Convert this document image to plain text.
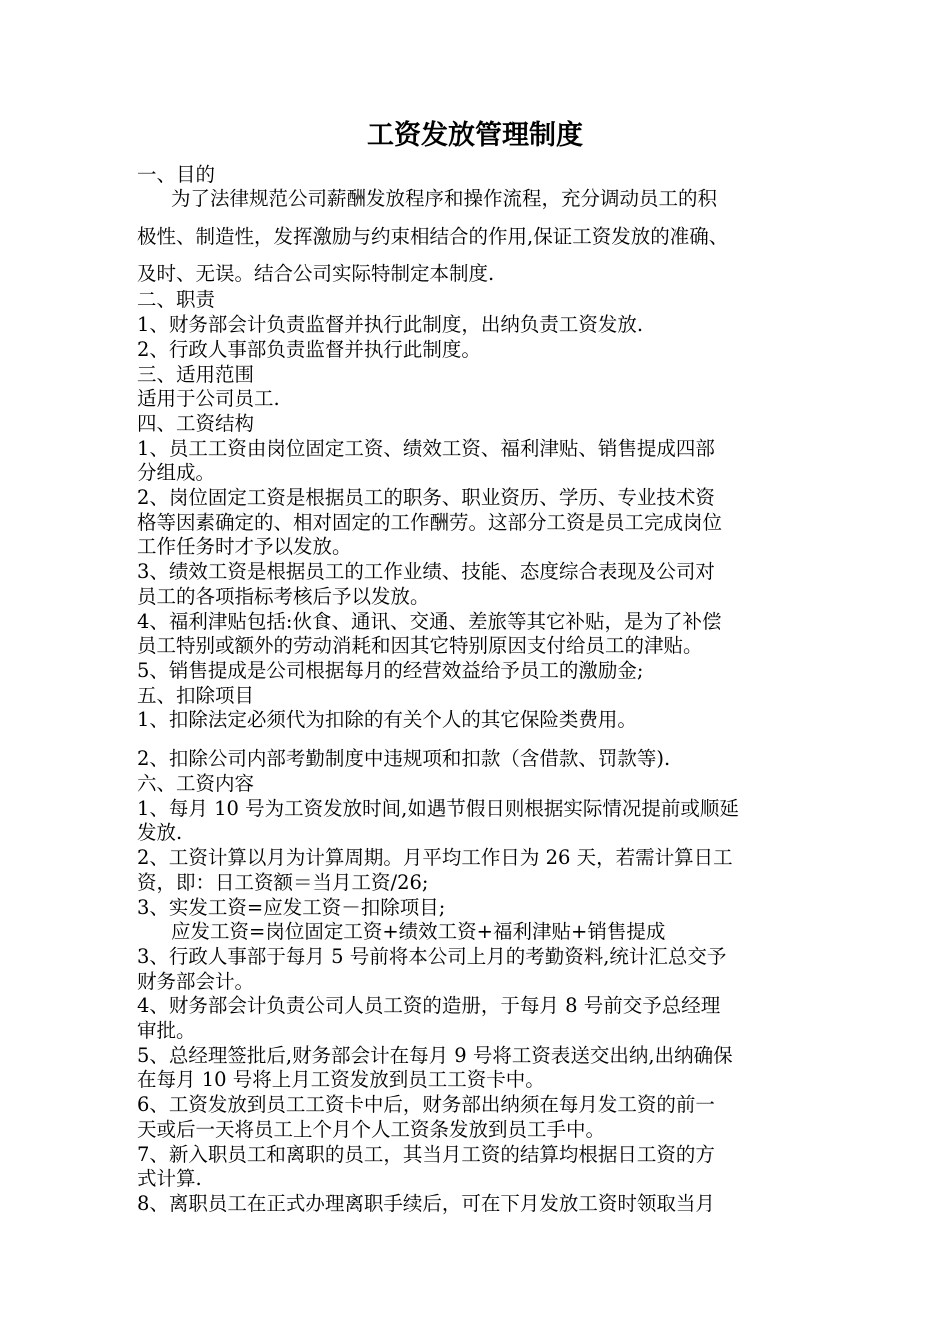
工资发放管理制度
一、目的
为了法律规范公司薪酬发放程序和操作流程，充分调动员工的积
极性、制造性，发挥激励与约束相结合的作用,保证工资发放的准确、
及时、无误。结合公司实际特制定本制度.
二、职责
1、财务部会计负责监督并执行此制度，出纳负责工资发放.
2、行政人事部负责监督并执行此制度。
三、适用范围
适用于公司员工.
四、工资结构
1、员工工资由岗位固定工资、绩效工资、福利津贴、销售提成四部
分组成。
2、岗位固定工资是根据员工的职务、职业资历、学历、专业技术资
格等因素确定的、相对固定的工作酬劳。这部分工资是员工完成岗位
工作任务时才予以发放。
3、绩效工资是根据员工的工作业绩、技能、态度综合表现及公司对
员工的各项指标考核后予以发放。
4、福利津贴包括:伙食、通讯、交通、差旅等其它补贴，是为了补偿
员工特别或额外的劳动消耗和因其它特别原因支付给员工的津贴。
5、销售提成是公司根据每月的经营效益给予员工的激励金;
五、扣除项目
1、扣除法定必须代为扣除的有关个人的其它保险类费用。
2、扣除公司内部考勤制度中违规项和扣款（含借款、罚款等).
六、工资内容
1、每月 10 号为工资发放时间,如遇节假日则根据实际情况提前或顺延
发放.
2、工资计算以月为计算周期。月平均工作日为 26 天，若需计算日工
资，即：日工资额＝当月工资/26;
3、实发工资=应发工资－扣除项目;
应发工资=岗位固定工资+绩效工资+福利津贴+销售提成
3、行政人事部于每月 5 号前将本公司上月的考勤资料,统计汇总交予
财务部会计。
4、财务部会计负责公司人员工资的造册，于每月 8 号前交予总经理
审批。
5、总经理签批后,财务部会计在每月 9 号将工资表送交出纳,出纳确保
在每月 10 号将上月工资发放到员工工资卡中。
6、工资发放到员工工资卡中后，财务部出纳须在每月发工资的前一
天或后一天将员工上个月个人工资条发放到员工手中。
7、新入职员工和离职的员工，其当月工资的结算均根据日工资的方
式计算.
8、离职员工在正式办理离职手续后，可在下月发放工资时领取当月
